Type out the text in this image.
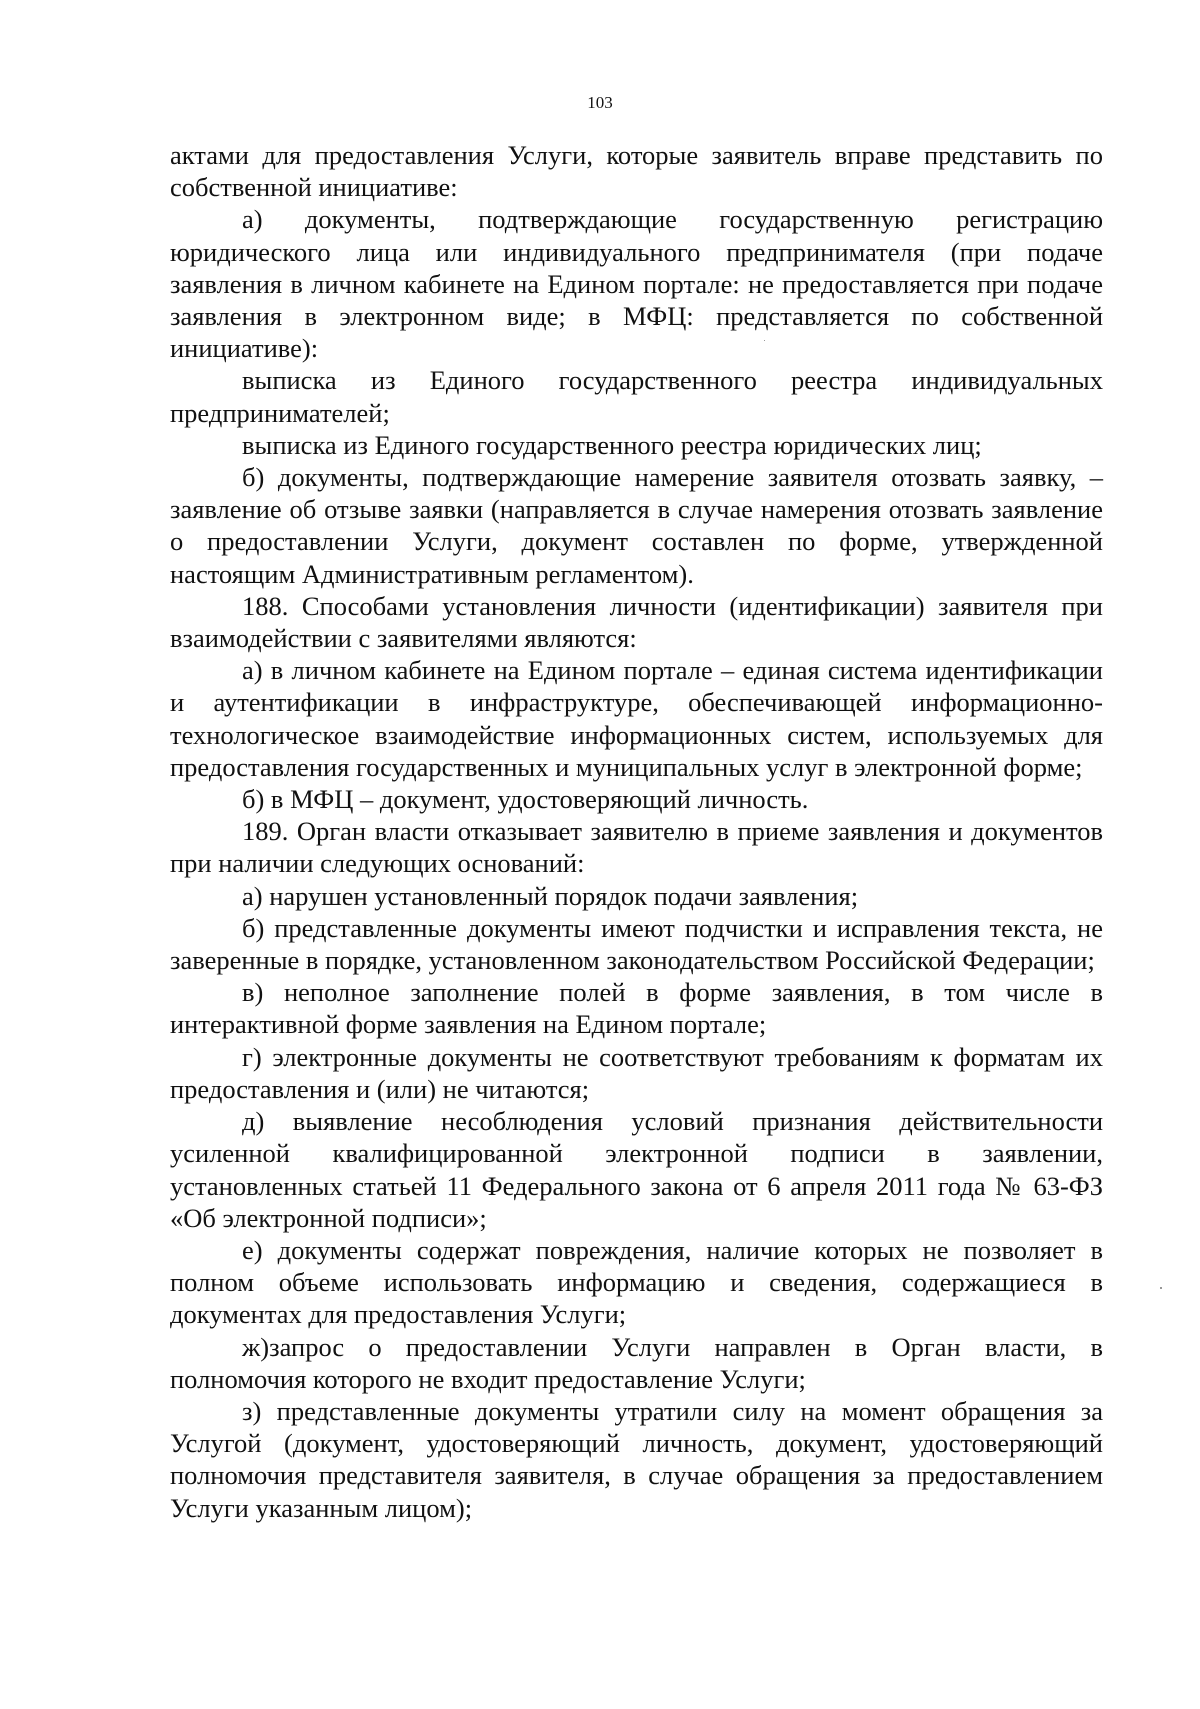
103

актами для предоставления Услуги, которые заявитель вправе представить по собственной инициативе:

а) документы, подтверждающие государственную регистрацию юридического лица или индивидуального предпринимателя (при подаче заявления в личном кабинете на Едином портале: не предоставляется при подаче заявления в электронном виде; в МФЦ: представляется по собственной инициативе):

выписка из Единого государственного реестра индивидуальных предпринимателей;

выписка из Единого государственного реестра юридических лиц;

б) документы, подтверждающие намерение заявителя отозвать заявку, – заявление об отзыве заявки (направляется в случае намерения отозвать заявление о предоставлении Услуги, документ составлен по форме, утвержденной настоящим Административным регламентом).

188. Способами установления личности (идентификации) заявителя при взаимодействии с заявителями являются:

а) в личном кабинете на Едином портале – единая система идентификации и аутентификации в инфраструктуре, обеспечивающей информационно-технологическое взаимодействие информационных систем, используемых для предоставления государственных и муниципальных услуг в электронной форме;

б) в МФЦ – документ, удостоверяющий личность.

189. Орган власти отказывает заявителю в приеме заявления и документов при наличии следующих оснований:

а) нарушен установленный порядок подачи заявления;

б) представленные документы имеют подчистки и исправления текста, не заверенные в порядке, установленном законодательством Российской Федерации;

в) неполное заполнение полей в форме заявления, в том числе в интерактивной форме заявления на Едином портале;

г) электронные документы не соответствуют требованиям к форматам их предоставления и (или) не читаются;

д) выявление несоблюдения условий признания действительности усиленной квалифицированной электронной подписи в заявлении, установленных статьей 11 Федерального закона от 6 апреля 2011 года № 63-ФЗ «Об электронной подписи»;

е) документы содержат повреждения, наличие которых не позволяет в полном объеме использовать информацию и сведения, содержащиеся в документах для предоставления Услуги;

ж)запрос о предоставлении Услуги направлен в Орган власти, в полномочия которого не входит предоставление Услуги;

з) представленные документы утратили силу на момент обращения за Услугой (документ, удостоверяющий личность, документ, удостоверяющий полномочия представителя заявителя, в случае обращения за предоставлением Услуги указанным лицом);
